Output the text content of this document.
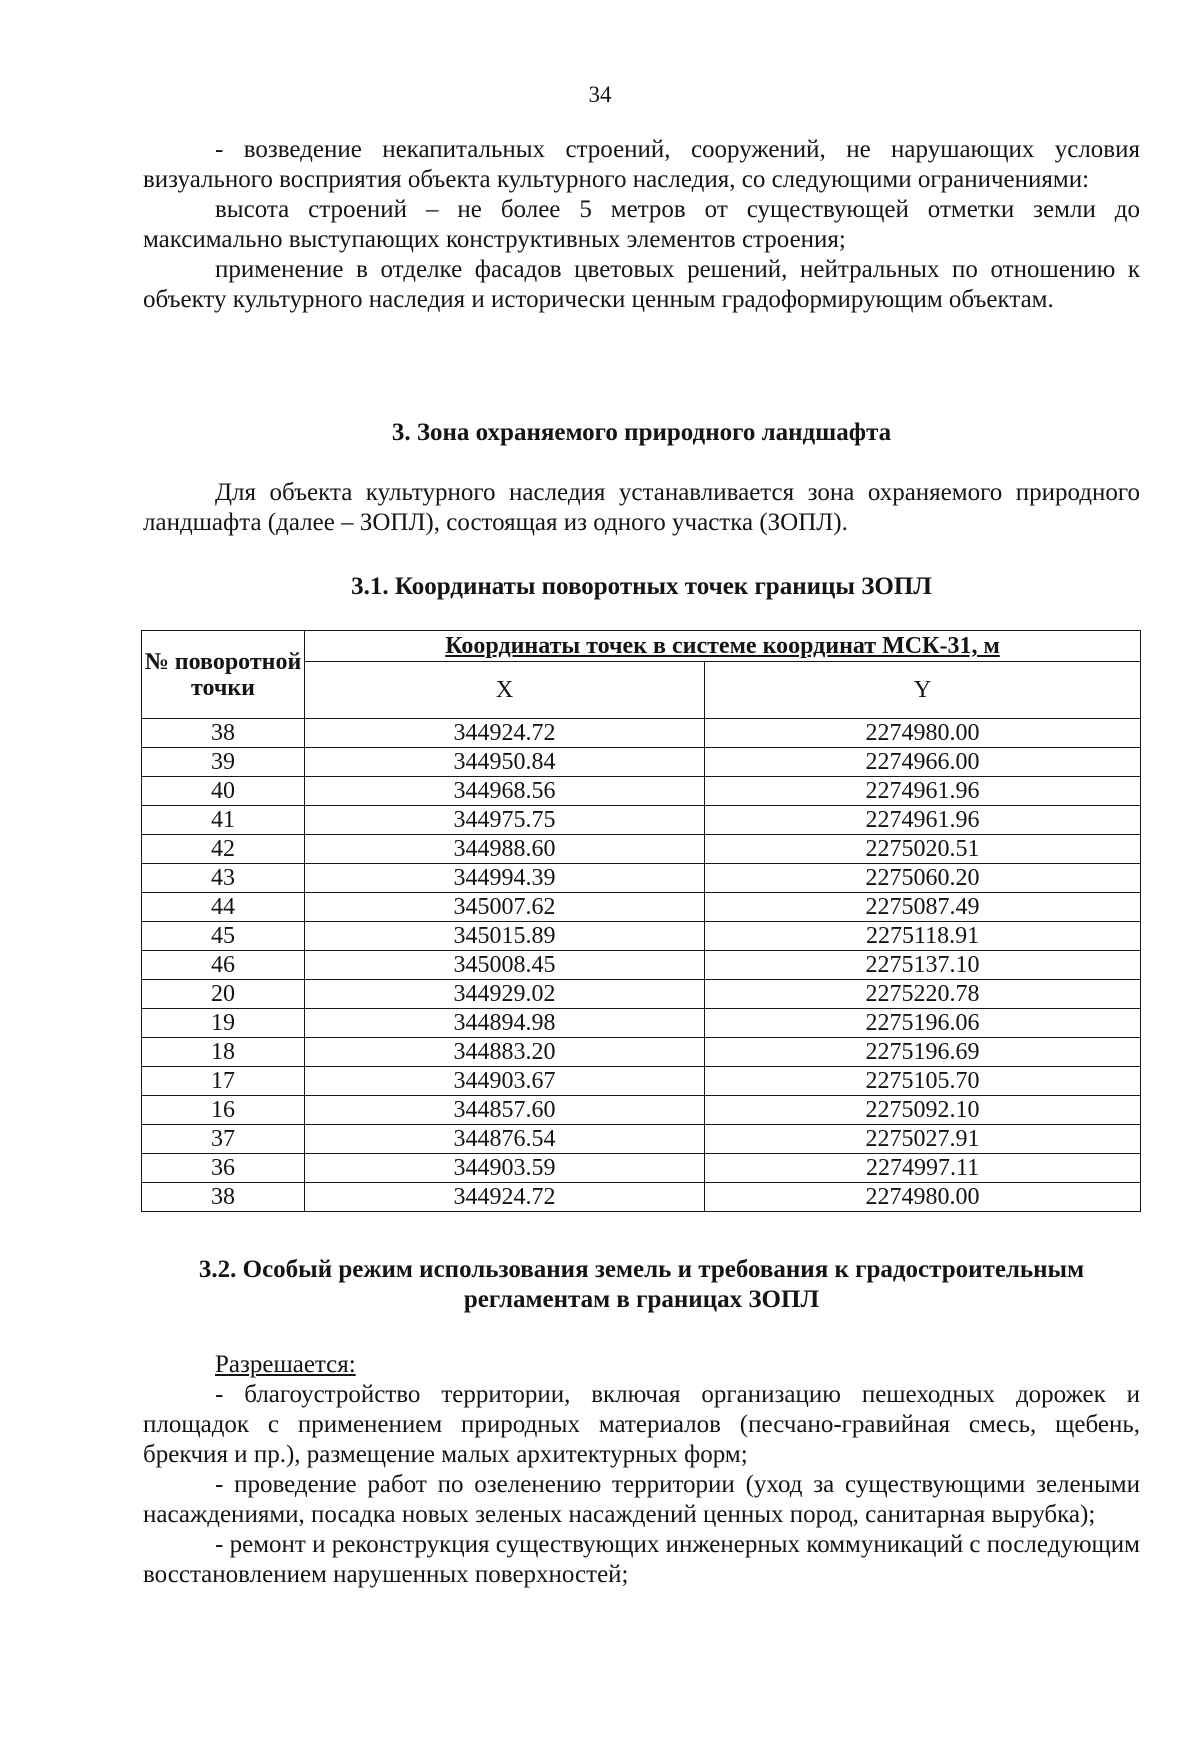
34

- возведение некапитальных строений, сооружений, не нарушающих условия визуального восприятия объекта культурного наследия, со следующими ограничениями:

высота строений – не более 5 метров от существующей отметки земли до максимально выступающих конструктивных элементов строения;

применение в отделке фасадов цветовых решений, нейтральных по отношению к объекту культурного наследия и исторически ценным градоформирующим объектам.

3. Зона охраняемого природного ландшафта

Для объекта культурного наследия устанавливается зона охраняемого природного ландшафта (далее – ЗОПЛ), состоящая из одного участка (ЗОПЛ).

3.1. Координаты поворотных точек границы ЗОПЛ
№ поворотной точки	Координаты точек в системе координат МСК-31, м	
	X	Y
38	344924.72	2274980.00
39	344950.84	2274966.00
40	344968.56	2274961.96
41	344975.75	2274961.96
42	344988.60	2275020.51
43	344994.39	2275060.20
44	345007.62	2275087.49
45	345015.89	2275118.91
46	345008.45	2275137.10
20	344929.02	2275220.78
19	344894.98	2275196.06
18	344883.20	2275196.69
17	344903.67	2275105.70
16	344857.60	2275092.10
37	344876.54	2275027.91
36	344903.59	2274997.11
38	344924.72	2274980.00
3.2. Особый режим использования земель и требования к градостроительным
регламентам в границах ЗОПЛ

Разрешается:

- благоустройство территории, включая организацию пешеходных дорожек и площадок с применением природных материалов (песчано-гравийная смесь, щебень, брекчия и пр.), размещение малых архитектурных форм;

- проведение работ по озеленению территории (уход за существующими зелеными насаждениями, посадка новых зеленых насаждений ценных пород, санитарная вырубка);

- ремонт и реконструкция существующих инженерных коммуникаций с последующим восстановлением нарушенных поверхностей;
